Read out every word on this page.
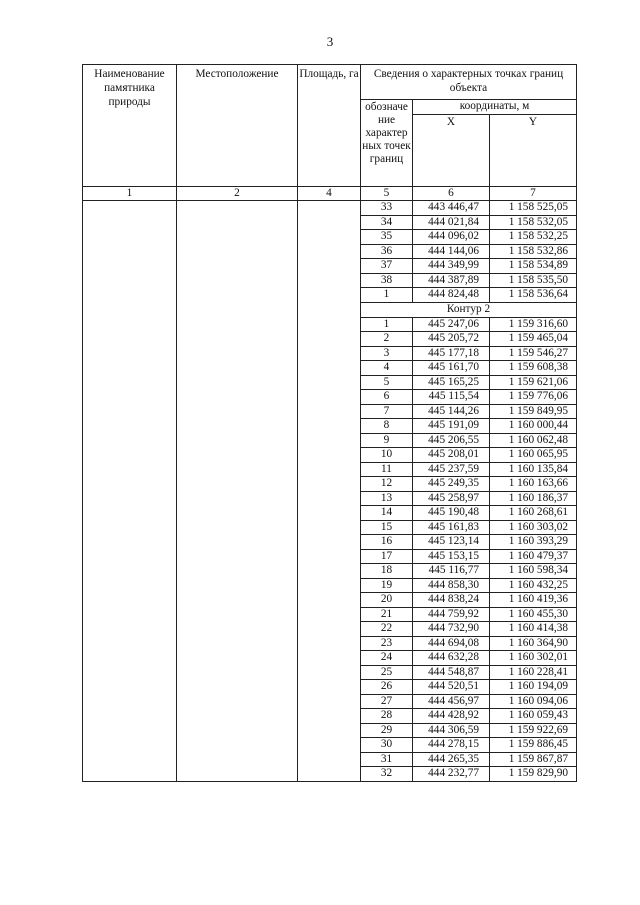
3
Наименование памятника природы	Местоположение	Площадь, га	Сведения о характерных точках границ объекта		
			обозначе ние характер ных точек границ	координаты, м	
				X	Y
1	2	4	5	6	7
			33	443 446,47	1 158 525,05
			34	444 021,84	1 158 532,05
			35	444 096,02	1 158 532,25
			36	444 144,06	1 158 532,86
			37	444 349,99	1 158 534,89
			38	444 387,89	1 158 535,50
			1	444 824,48	1 158 536,64
			Контур 2		
			1	445 247,06	1 159 316,60
			2	445 205,72	1 159 465,04
			3	445 177,18	1 159 546,27
			4	445 161,70	1 159 608,38
			5	445 165,25	1 159 621,06
			6	445 115,54	1 159 776,06
			7	445 144,26	1 159 849,95
			8	445 191,09	1 160 000,44
			9	445 206,55	1 160 062,48
			10	445 208,01	1 160 065,95
			11	445 237,59	1 160 135,84
			12	445 249,35	1 160 163,66
			13	445 258,97	1 160 186,37
			14	445 190,48	1 160 268,61
			15	445 161,83	1 160 303,02
			16	445 123,14	1 160 393,29
			17	445 153,15	1 160 479,37
			18	445 116,77	1 160 598,34
			19	444 858,30	1 160 432,25
			20	444 838,24	1 160 419,36
			21	444 759,92	1 160 455,30
			22	444 732,90	1 160 414,38
			23	444 694,08	1 160 364,90
			24	444 632,28	1 160 302,01
			25	444 548,87	1 160 228,41
			26	444 520,51	1 160 194,09
			27	444 456,97	1 160 094,06
			28	444 428,92	1 160 059,43
			29	444 306,59	1 159 922,69
			30	444 278,15	1 159 886,45
			31	444 265,35	1 159 867,87
			32	444 232,77	1 159 829,90
